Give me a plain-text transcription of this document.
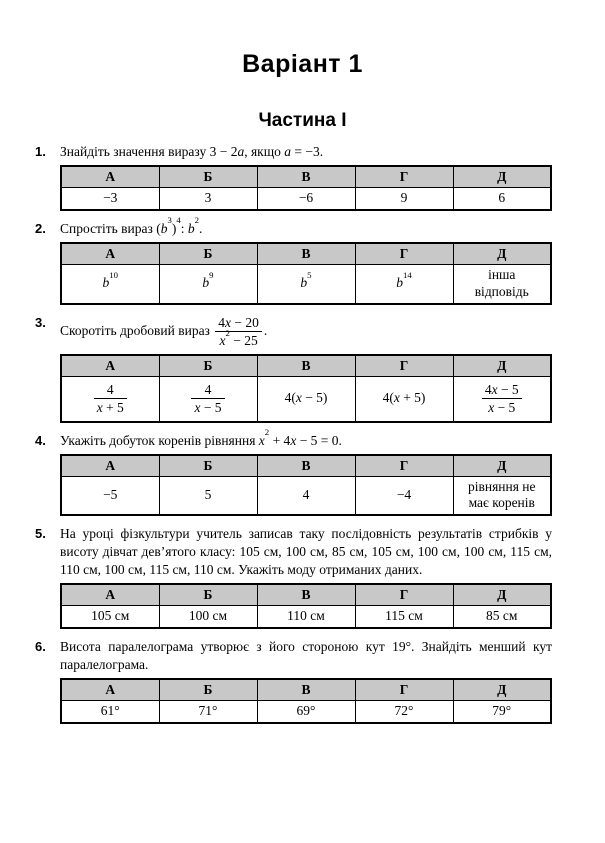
Варіант 1
Частина I
1.	Знайдіть значення виразу 3 − 2a, якщо a = −3.
А	Б	В	Г	Д
−3	3	−6	9	6
2.	Спростіть вираз $(b^3)^4$: $b^2$.
А	Б	В	Г	Д
$b^{10}$	$b^9$	$b^5$	$b^{14}$	інша відповідь
3.
Скоротіть дробовий вираз $\frac{4x - 20}{x^2 - 25}$ .
А	Б	В	Г	Д

$\frac{4}{x + 5}$	$\frac{4}{x - 5}$	4(x − 5)	4(x + 5)	$\frac{4x - 5}{x - 5}$
4.	Укажіть добуток коренів рівняння $x^2 + 4x - 5 = 0$.
А	Б	В	Г	Д
−5	5	4	−4	рівняння не має коренів
5.	На уроці фізкультури учитель записав таку послідовність результатів стрибків у висоту дівчат дев’ятого класу: 105 см, 100 см, 85 см, 105 см, 100 см, 100 см, 115 см, 110 см, 100 см, 115 см, 110 см. Укажіть моду отриманих даних.
А	Б	В	Г	Д
105 см	100 см	110 см	115 см	85 см
6.	Висота паралелограма утворює з його стороною кут 19°. Знайдіть менший кут паралелограма.
А	Б	В	Г	Д
61°	71°	69°	72°	79°
